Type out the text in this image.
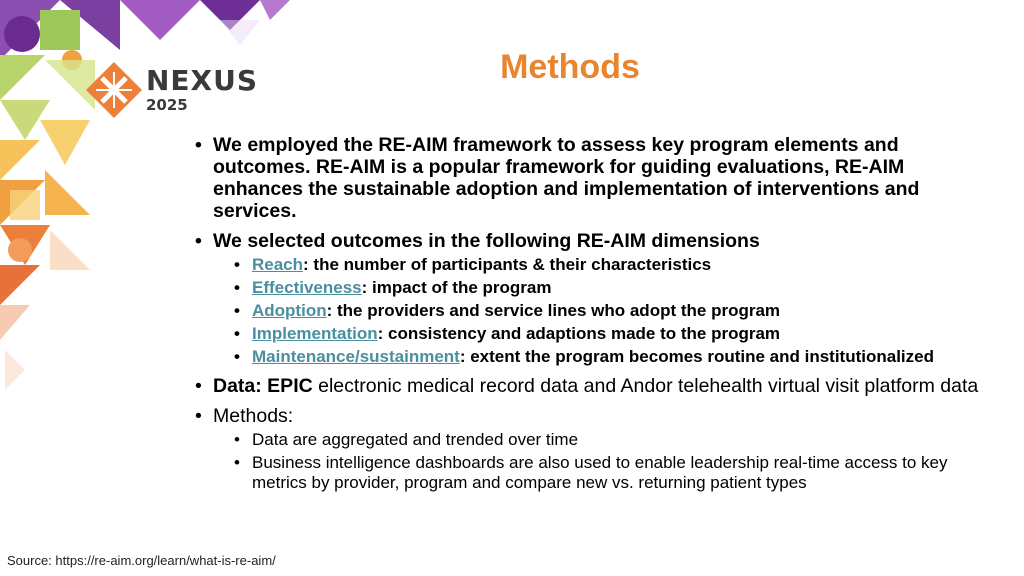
NEXUS
2025
Methods
• We employed the RE-AIM framework to assess key program elements and outcomes. RE-AIM is a popular framework for guiding evaluations, RE-AIM enhances the sustainable adoption and implementation of interventions and services.
• We selected outcomes in the following RE-AIM dimensions
• Reach: the number of participants & their characteristics
• Effectiveness: impact of the program
• Adoption: the providers and service lines who adopt the program
• Implementation: consistency and adaptions made to the program
• Maintenance/sustainment: extent the program becomes routine and institutionalized
• Data: EPIC electronic medical record data and Andor telehealth virtual visit platform data
• Methods:
• Data are aggregated and trended over time
• Business intelligence dashboards are also used to enable leadership real-time access to key metrics by provider, program and compare new vs. returning patient types
Source: https://re-aim.org/learn/what-is-re-aim/
